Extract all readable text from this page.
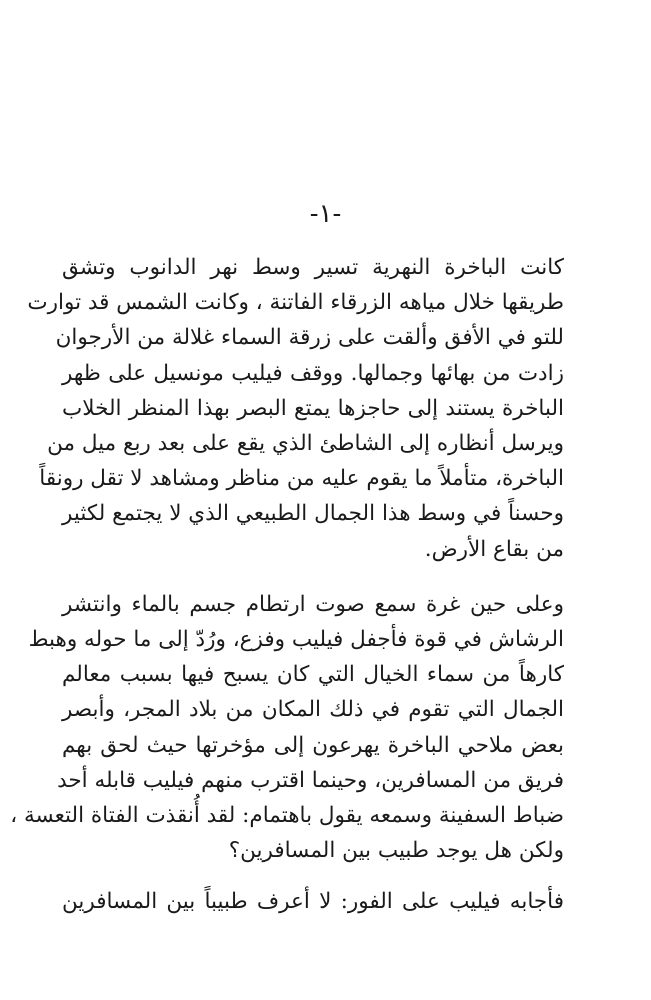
-١-

كانت الباخرة النهرية تسير وسط نهر الدانوب وتشق
طريقها خلال مياهه الزرقاء الفاتنة ، وكانت الشمس قد توارت
للتو في الأفق وألقت على زرقة السماء غلالة من الأرجوان
زادت من بهائها وجمالها. ووقف فيليب مونسيل على ظهر
الباخرة يستند إلى حاجزها يمتع البصر بهذا المنظر الخلاب
ويرسل أنظاره إلى الشاطئ الذي يقع على بعد ربع ميل من
الباخرة، متأملاً ما يقوم عليه من مناظر ومشاهد لا تقل رونقاً
وحسناً في وسط هذا الجمال الطبيعي الذي لا يجتمع لكثير
من بقاع الأرض.

وعلى حين غرة سمع صوت ارتطام جسم بالماء وانتشر
الرشاش في قوة فأجفل فيليب وفزع، ورُدّ إلى ما حوله وهبط
كارهاً من سماء الخيال التي كان يسبح فيها بسبب معالم
الجمال التي تقوم في ذلك المكان من بلاد المجر، وأبصر
بعض ملاحي الباخرة يهرعون إلى مؤخرتها حيث لحق بهم
فريق من المسافرين، وحينما اقترب منهم فيليب قابله أحد
ضباط السفينة وسمعه يقول باهتمام: لقد أُنقذت الفتاة التعسة ،
ولكن هل يوجد طبيب بين المسافرين؟

فأجابه فيليب على الفور: لا أعرف طبيباً بين المسافرين
